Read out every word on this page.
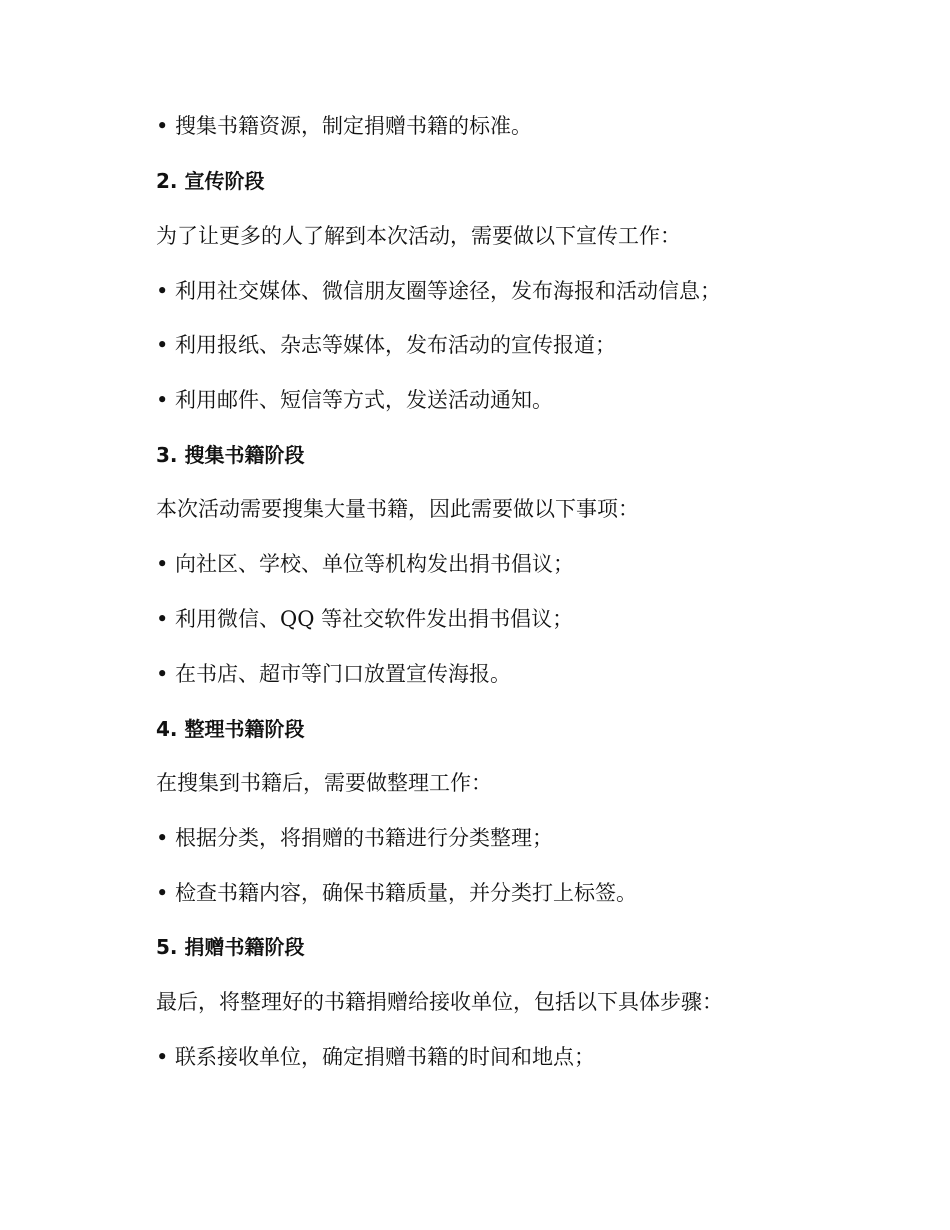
• 搜集书籍资源，制定捐赠书籍的标准。
2. 宣传阶段
为了让更多的人了解到本次活动，需要做以下宣传工作：
• 利用社交媒体、微信朋友圈等途径，发布海报和活动信息；
• 利用报纸、杂志等媒体，发布活动的宣传报道；
• 利用邮件、短信等方式，发送活动通知。
3. 搜集书籍阶段
本次活动需要搜集大量书籍，因此需要做以下事项：
• 向社区、学校、单位等机构发出捐书倡议；
• 利用微信、QQ 等社交软件发出捐书倡议；
• 在书店、超市等门口放置宣传海报。
4. 整理书籍阶段
在搜集到书籍后，需要做整理工作：
• 根据分类，将捐赠的书籍进行分类整理；
• 检查书籍内容，确保书籍质量，并分类打上标签。
5. 捐赠书籍阶段
最后，将整理好的书籍捐赠给接收单位，包括以下具体步骤：
• 联系接收单位，确定捐赠书籍的时间和地点；
